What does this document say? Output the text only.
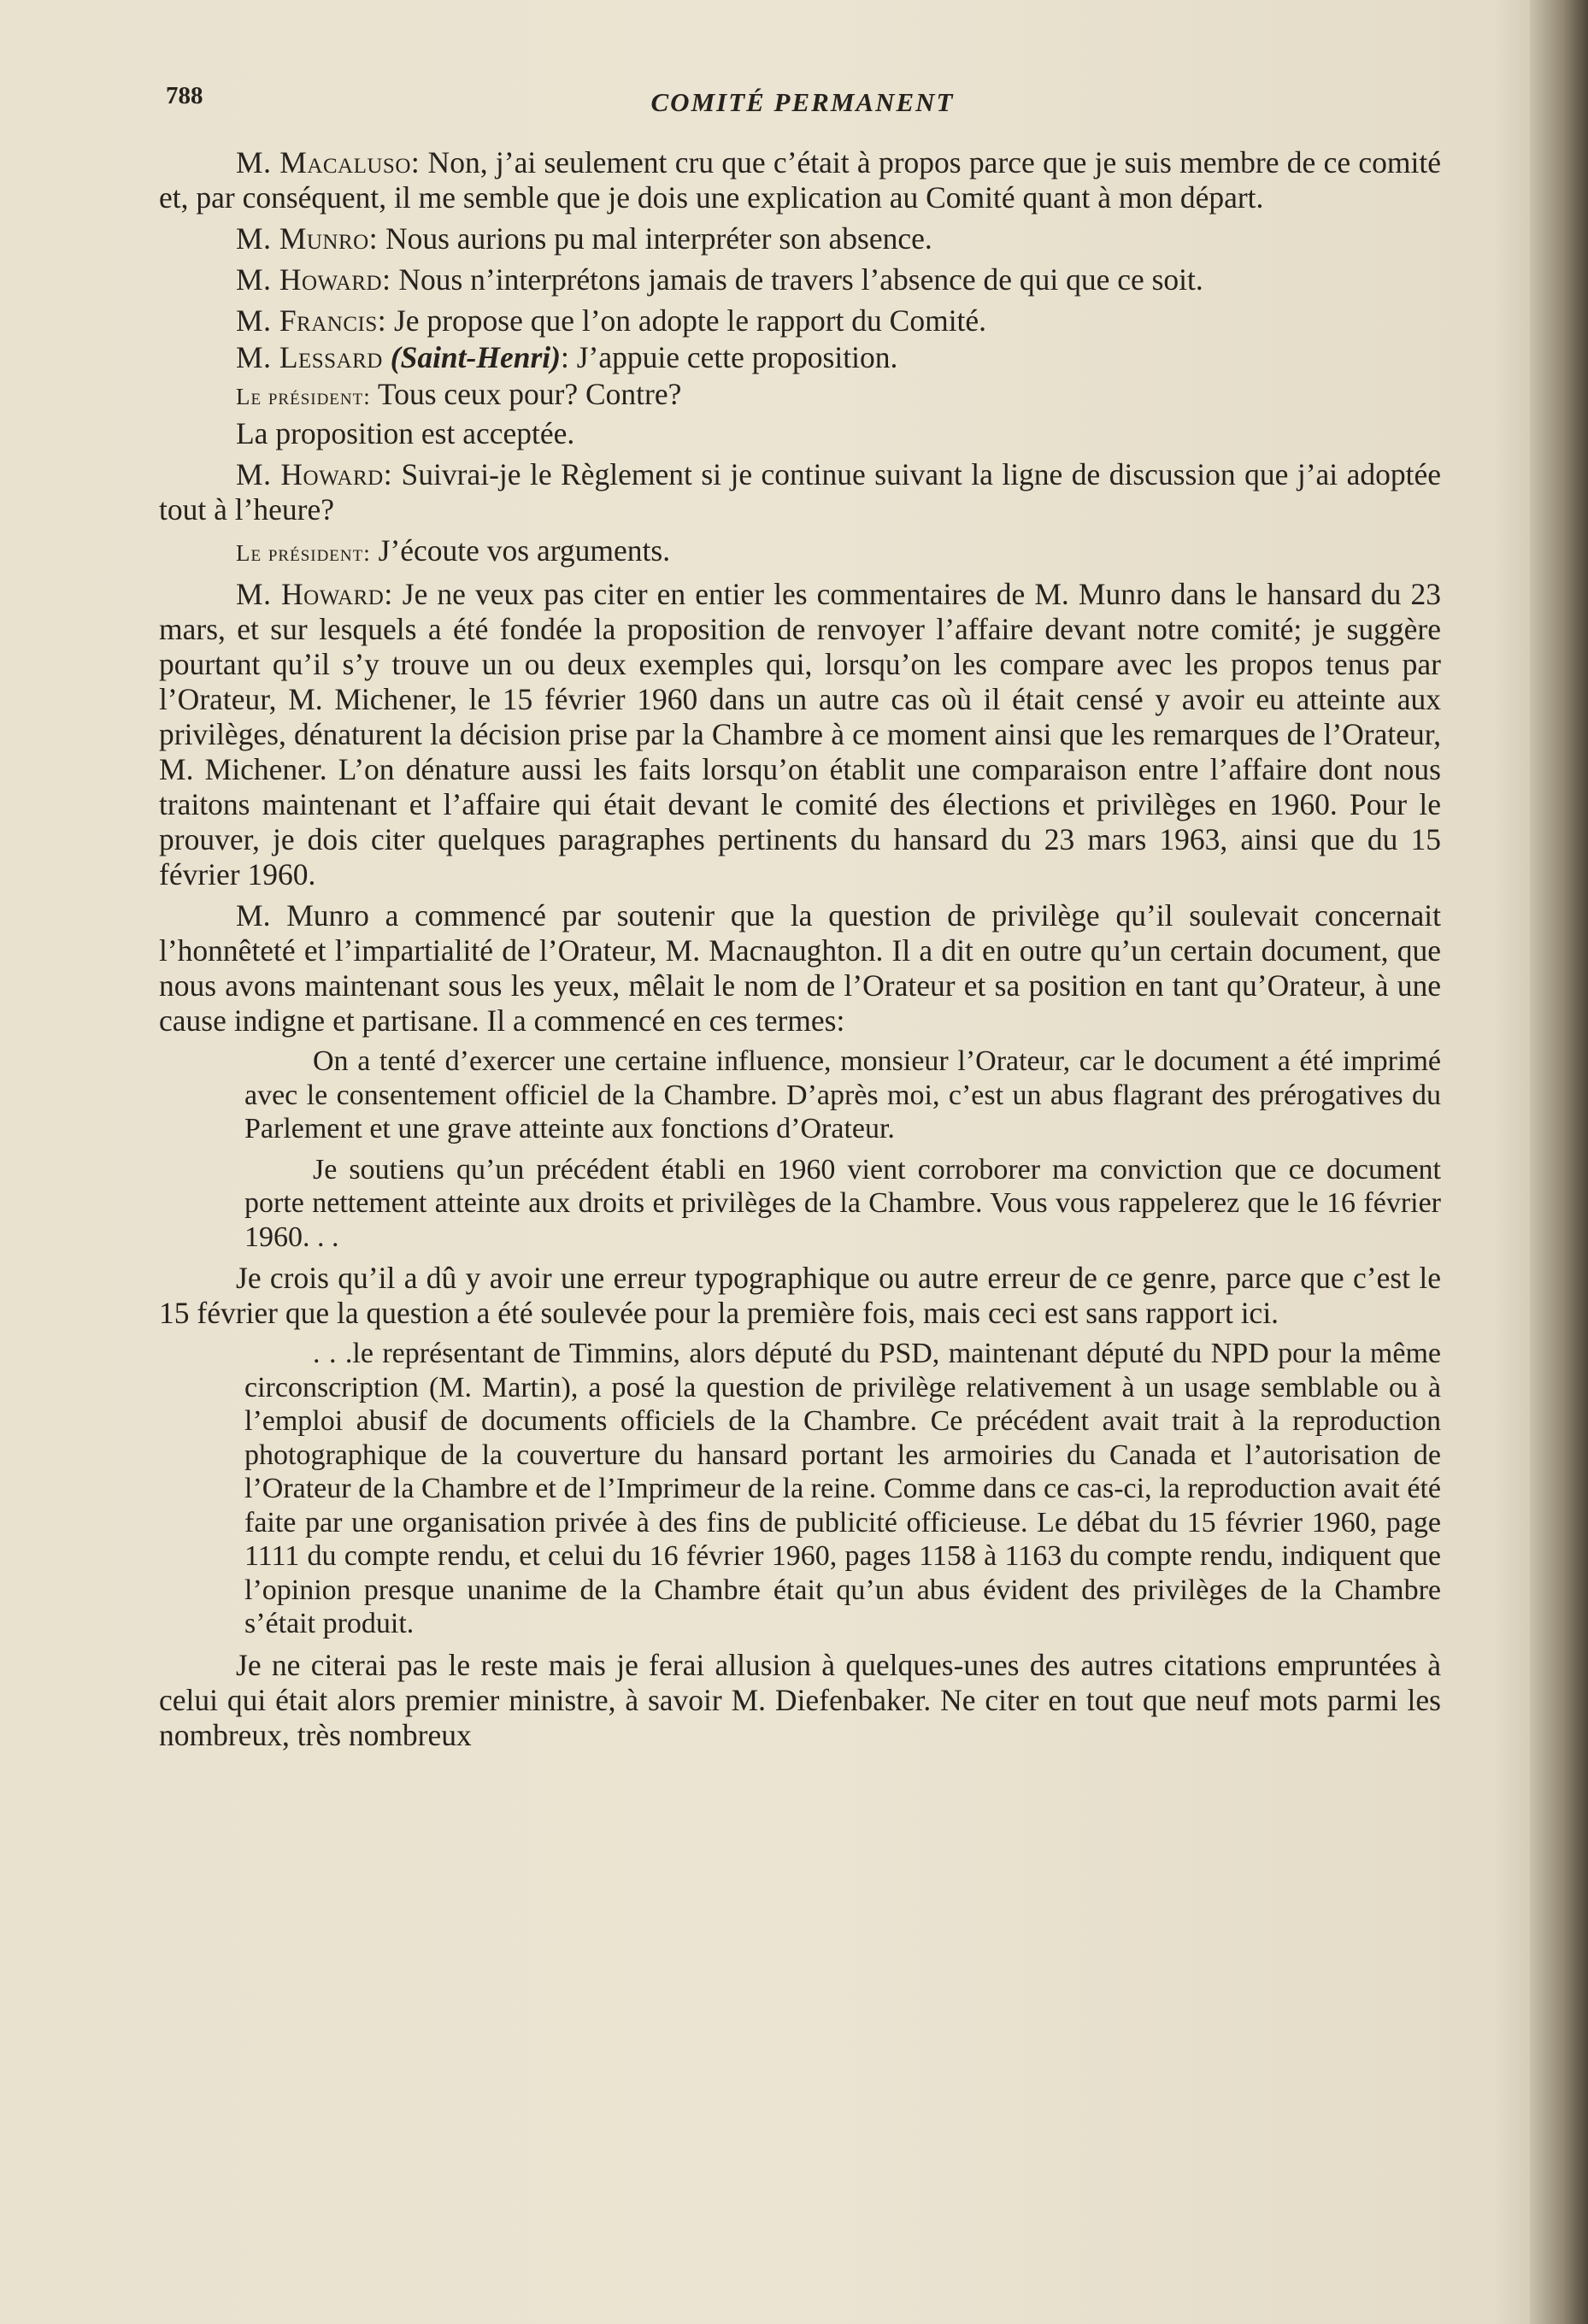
788	COMITÉ PERMANENT

M. Macaluso: Non, j’ai seulement cru que c’était à propos parce que je suis membre de ce comité et, par conséquent, il me semble que je dois une explication au Comité quant à mon départ.

M. Munro: Nous aurions pu mal interpréter son absence.

M. Howard: Nous n’interprétons jamais de travers l’absence de qui que ce soit.

M. Francis: Je propose que l’on adopte le rapport du Comité.

M. Lessard (Saint-Henri): J’appuie cette proposition.

Le président: Tous ceux pour? Contre?

La proposition est acceptée.

M. Howard: Suivrai-je le Règlement si je continue suivant la ligne de discussion que j’ai adoptée tout à l’heure?

Le président: J’écoute vos arguments.

M. Howard: Je ne veux pas citer en entier les commentaires de M. Munro dans le hansard du 23 mars, et sur lesquels a été fondée la proposition de renvoyer l’affaire devant notre comité; je suggère pourtant qu’il s’y trouve un ou deux exemples qui, lorsqu’on les compare avec les propos tenus par l’Orateur, M. Michener, le 15 février 1960 dans un autre cas où il était censé y avoir eu atteinte aux privilèges, dénaturent la décision prise par la Chambre à ce moment ainsi que les remarques de l’Orateur, M. Michener. L’on dénature aussi les faits lorsqu’on établit une comparaison entre l’affaire dont nous traitons maintenant et l’affaire qui était devant le comité des élections et privilèges en 1960. Pour le prouver, je dois citer quelques paragraphes pertinents du hansard du 23 mars 1963, ainsi que du 15 février 1960.

M. Munro a commencé par soutenir que la question de privilège qu’il soulevait concernait l’honnêteté et l’impartialité de l’Orateur, M. Macnaughton. Il a dit en outre qu’un certain document, que nous avons maintenant sous les yeux, mêlait le nom de l’Orateur et sa position en tant qu’Orateur, à une cause indigne et partisane. Il a commencé en ces termes:

On a tenté d’exercer une certaine influence, monsieur l’Orateur, car le document a été imprimé avec le consentement officiel de la Chambre. D’après moi, c’est un abus flagrant des prérogatives du Parlement et une grave atteinte aux fonctions d’Orateur.

Je soutiens qu’un précédent établi en 1960 vient corroborer ma conviction que ce document porte nettement atteinte aux droits et privilèges de la Chambre. Vous vous rappelerez que le 16 février 1960. . .

Je crois qu’il a dû y avoir une erreur typographique ou autre erreur de ce genre, parce que c’est le 15 février que la question a été soulevée pour la première fois, mais ceci est sans rapport ici.

. . .le représentant de Timmins, alors député du PSD, maintenant député du NPD pour la même circonscription (M. Martin), a posé la question de privilège relativement à un usage semblable ou à l’emploi abusif de documents officiels de la Chambre. Ce précédent avait trait à la reproduction photographique de la couverture du hansard portant les armoiries du Canada et l’autorisation de l’Orateur de la Chambre et de l’Imprimeur de la reine. Comme dans ce cas-ci, la reproduction avait été faite par une organisation privée à des fins de publicité officieuse. Le débat du 15 février 1960, page 1111 du compte rendu, et celui du 16 février 1960, pages 1158 à 1163 du compte rendu, indiquent que l’opinion presque unanime de la Chambre était qu’un abus évident des privilèges de la Chambre s’était produit.

Je ne citerai pas le reste mais je ferai allusion à quelques-unes des autres citations empruntées à celui qui était alors premier ministre, à savoir M. Diefenbaker. Ne citer en tout que neuf mots parmi les nombreux, très nombreux
